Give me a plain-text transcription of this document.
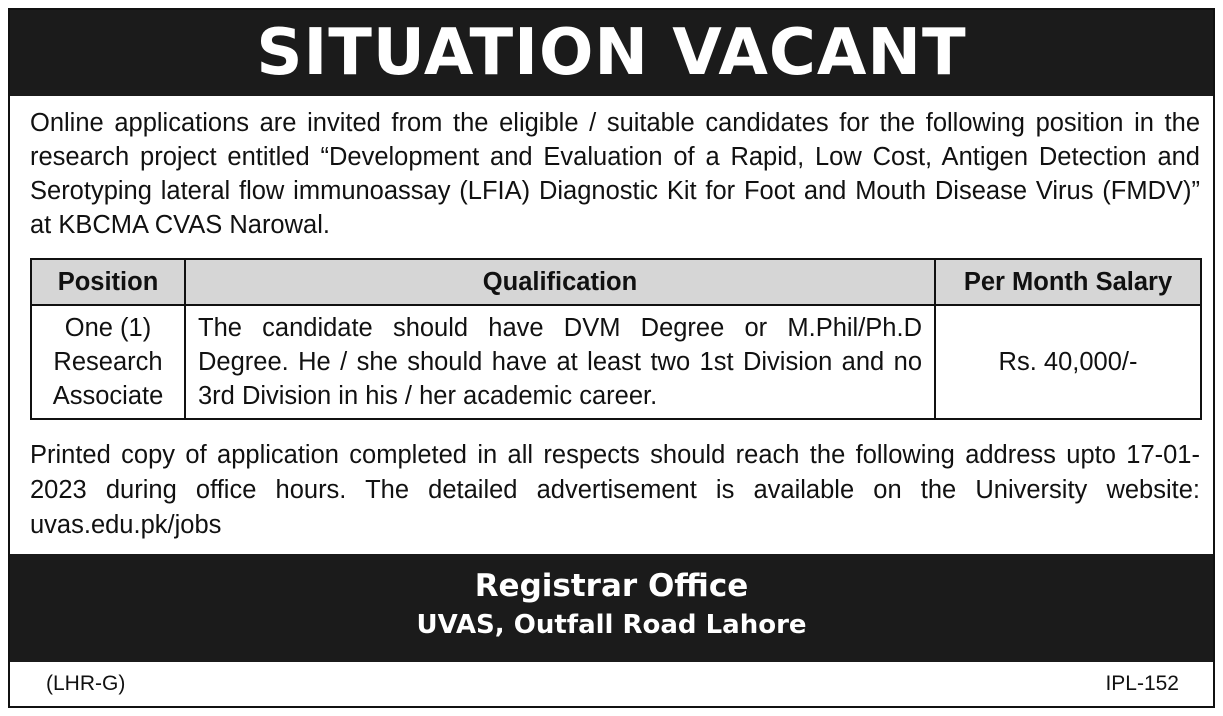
SITUATION VACANT
Online applications are invited from the eligible / suitable candidates for the following position in the research project entitled “Development and Evaluation of a Rapid, Low Cost, Antigen Detection and Serotyping lateral flow immunoassay (LFIA) Diagnostic Kit for Foot and Mouth Disease Virus (FMDV)” at KBCMA CVAS Narowal.
Position	Qualification	Per Month Salary

One (1)
Research
Associate	The candidate should have DVM Degree or M.Phil/Ph.D Degree. He / she should have at least two 1st Division and no 3rd Division in his / her academic career.	Rs. 40,000/-
Printed copy of application completed in all respects should reach the following address upto 17-01-2023 during office hours. The detailed advertisement is available on the University website: uvas.edu.pk/jobs
Registrar Office
UVAS, Outfall Road Lahore
(LHR-G)	IPL-152
